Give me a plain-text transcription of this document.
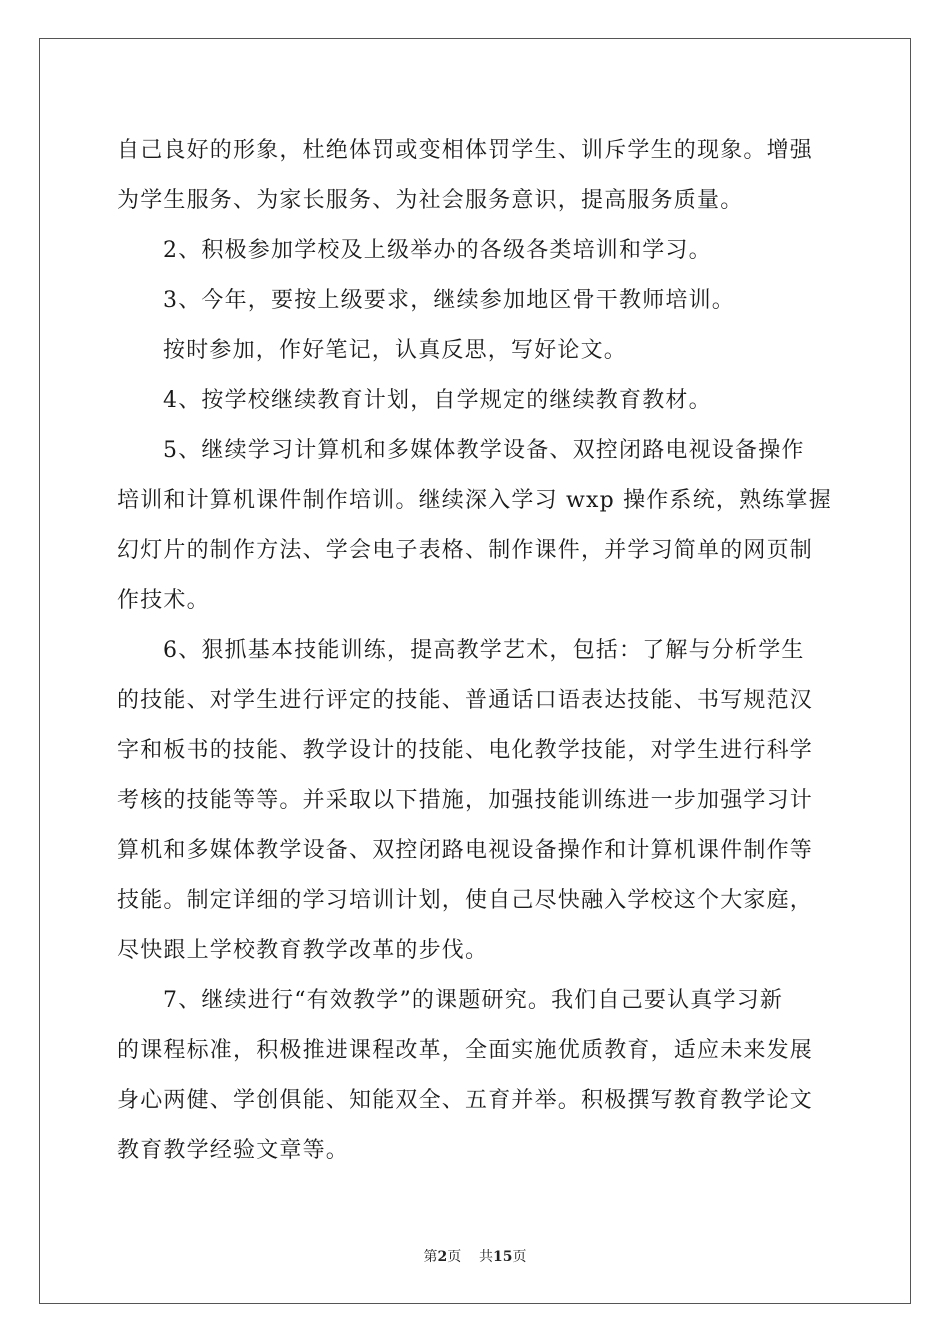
自己良好的形象，杜绝体罚或变相体罚学生、训斥学生的现象。增强
为学生服务、为家长服务、为社会服务意识，提高服务质量。
2、积极参加学校及上级举办的各级各类培训和学习。
3、今年，要按上级要求，继续参加地区骨干教师培训。
按时参加，作好笔记，认真反思，写好论文。
4、按学校继续教育计划，自学规定的继续教育教材。
5、继续学习计算机和多媒体教学设备、双控闭路电视设备操作
培训和计算机课件制作培训。继续深入学习 wxp 操作系统，熟练掌握
幻灯片的制作方法、学会电子表格、制作课件，并学习简单的网页制
作技术。
6、狠抓基本技能训练，提高教学艺术，包括：了解与分析学生
的技能、对学生进行评定的技能、普通话口语表达技能、书写规范汉
字和板书的技能、教学设计的技能、电化教学技能，对学生进行科学
考核的技能等等。并采取以下措施，加强技能训练进一步加强学习计
算机和多媒体教学设备、双控闭路电视设备操作和计算机课件制作等
技能。制定详细的学习培训计划，使自己尽快融入学校这个大家庭，
尽快跟上学校教育教学改革的步伐。
7、继续进行“有效教学”的课题研究。我们自己要认真学习新
的课程标准，积极推进课程改革，全面实施优质教育，适应未来发展
身心两健、学创俱能、知能双全、五育并举。积极撰写教育教学论文
教育教学经验文章等。
第2页 共15页
